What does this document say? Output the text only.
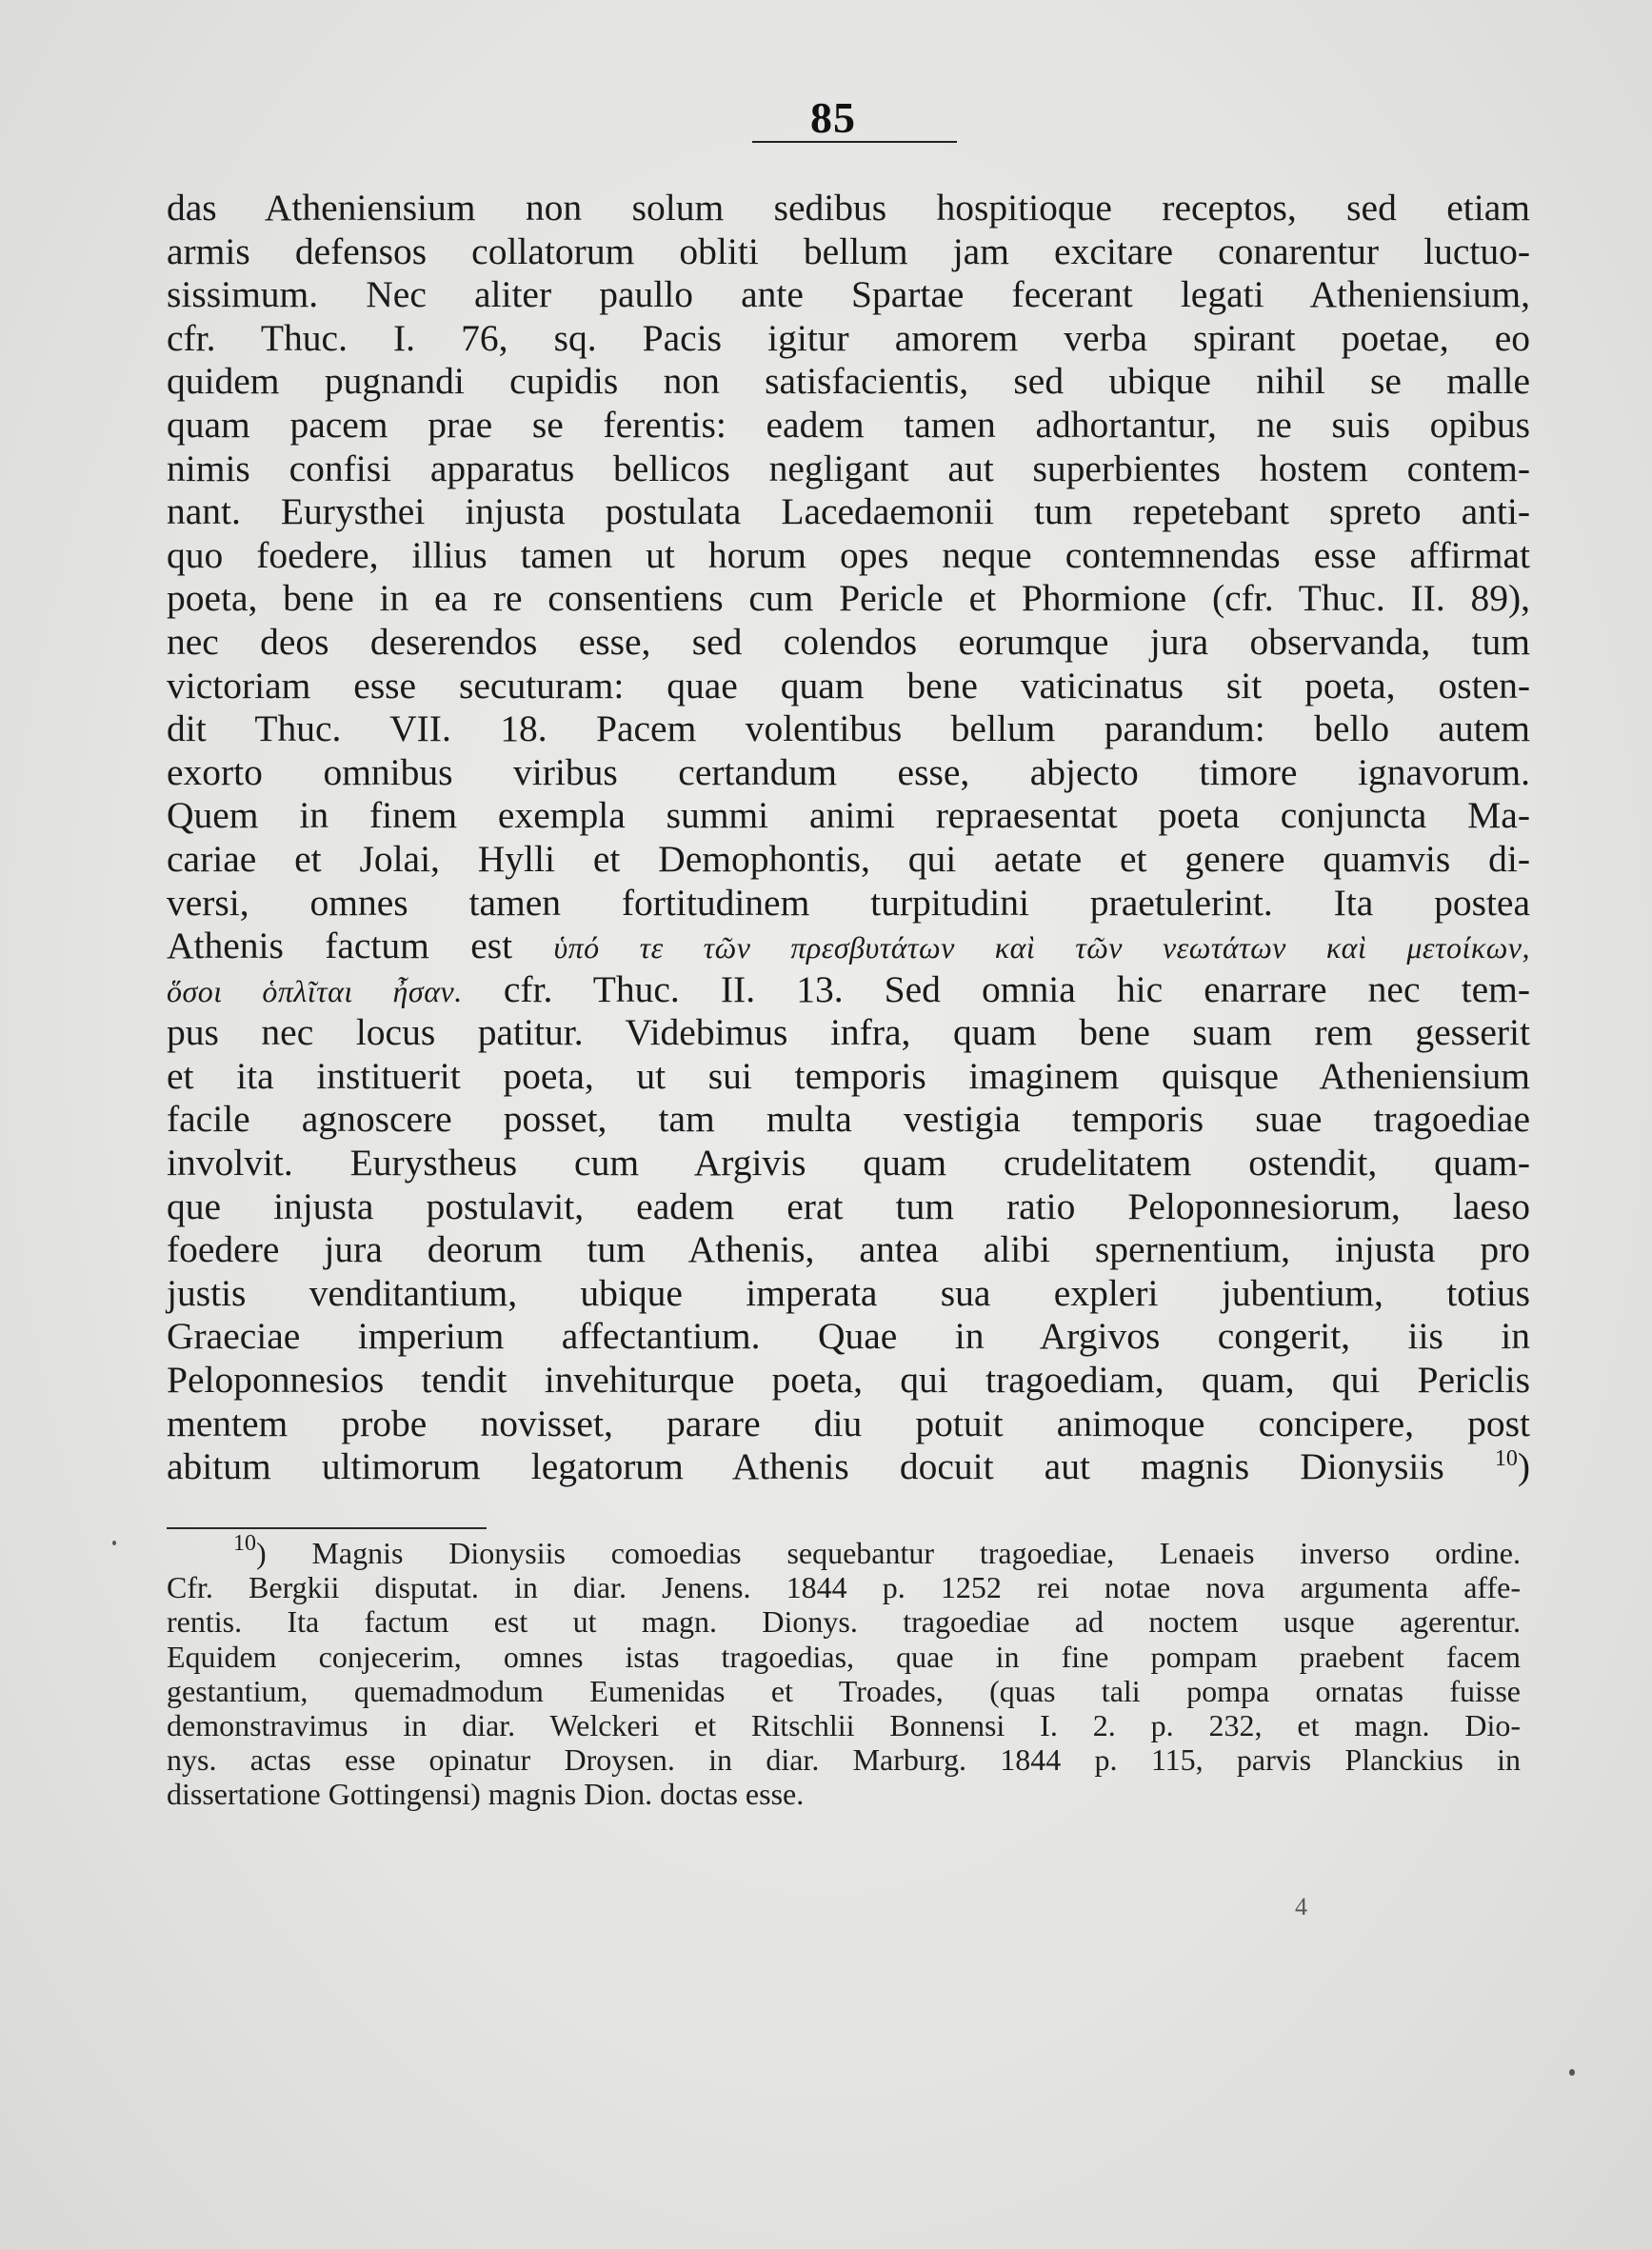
85
das Atheniensium non solum sedibus hospitioque receptos, sed etiam
armis defensos collatorum obliti bellum jam excitare conarentur luctuo-
sissimum. Nec aliter paullo ante Spartae fecerant legati Atheniensium,
cfr. Thuc. I. 76, sq. Pacis igitur amorem verba spirant poetae, eo
quidem pugnandi cupidis non satisfacientis, sed ubique nihil se malle
quam pacem prae se ferentis: eadem tamen adhortantur, ne suis opibus
nimis confisi apparatus bellicos negligant aut superbientes hostem contem-
nant. Eurysthei injusta postulata Lacedaemonii tum repetebant spreto anti-
quo foedere, illius tamen ut horum opes neque contemnendas esse affirmat
poeta, bene in ea re consentiens cum Pericle et Phormione (cfr. Thuc. II. 89),
nec deos deserendos esse, sed colendos eorumque jura observanda, tum
victoriam esse secuturam: quae quam bene vaticinatus sit poeta, osten-
dit Thuc. VII. 18. Pacem volentibus bellum parandum: bello autem
exorto omnibus viribus certandum esse, abjecto timore ignavorum.
Quem in finem exempla summi animi repraesentat poeta conjuncta Ma-
cariae et Jolai, Hylli et Demophontis, qui aetate et genere quamvis di-
versi, omnes tamen fortitudinem turpitudini praetulerint. Ita postea
Athenis factum est ὑπό τε τῶν πρεσβυτάτων καὶ τῶν νεωτάτων καὶ μετοίκων,
ὅσοι ὁπλῖται ἦσαν. cfr. Thuc. II. 13. Sed omnia hic enarrare nec tem-
pus nec locus patitur. Videbimus infra, quam bene suam rem gesserit
et ita instituerit poeta, ut sui temporis imaginem quisque Atheniensium
facile agnoscere posset, tam multa vestigia temporis suae tragoediae
involvit. Eurystheus cum Argivis quam crudelitatem ostendit, quam-
que injusta postulavit, eadem erat tum ratio Peloponnesiorum, laeso
foedere jura deorum tum Athenis, antea alibi spernentium, injusta pro
justis venditantium, ubique imperata sua expleri jubentium, totius
Graeciae imperium affectantium. Quae in Argivos congerit, iis in
Peloponnesios tendit invehiturque poeta, qui tragoediam, quam, qui Periclis
mentem probe novisset, parare diu potuit animoque concipere, post
abitum ultimorum legatorum Athenis docuit aut magnis Dionysiis $^{10}$)
$^{10}$) Magnis Dionysiis comoedias sequebantur tragoediae, Lenaeis inverso ordine.
Cfr. Bergkii disputat. in diar. Jenens. 1844 p. 1252 rei notae nova argumenta affe-
rentis. Ita factum est ut magn. Dionys. tragoediae ad noctem usque agerentur.
Equidem conjecerim, omnes istas tragoedias, quae in fine pompam praebent facem
gestantium, quemadmodum Eumenidas et Troades, (quas tali pompa ornatas fuisse
demonstravimus in diar. Welckeri et Ritschlii Bonnensi I. 2. p. 232, et magn. Dio-
nys. actas esse opinatur Droysen. in diar. Marburg. 1844 p. 115, parvis Planckius in
dissertatione Gottingensi) magnis Dion. doctas esse.
4
